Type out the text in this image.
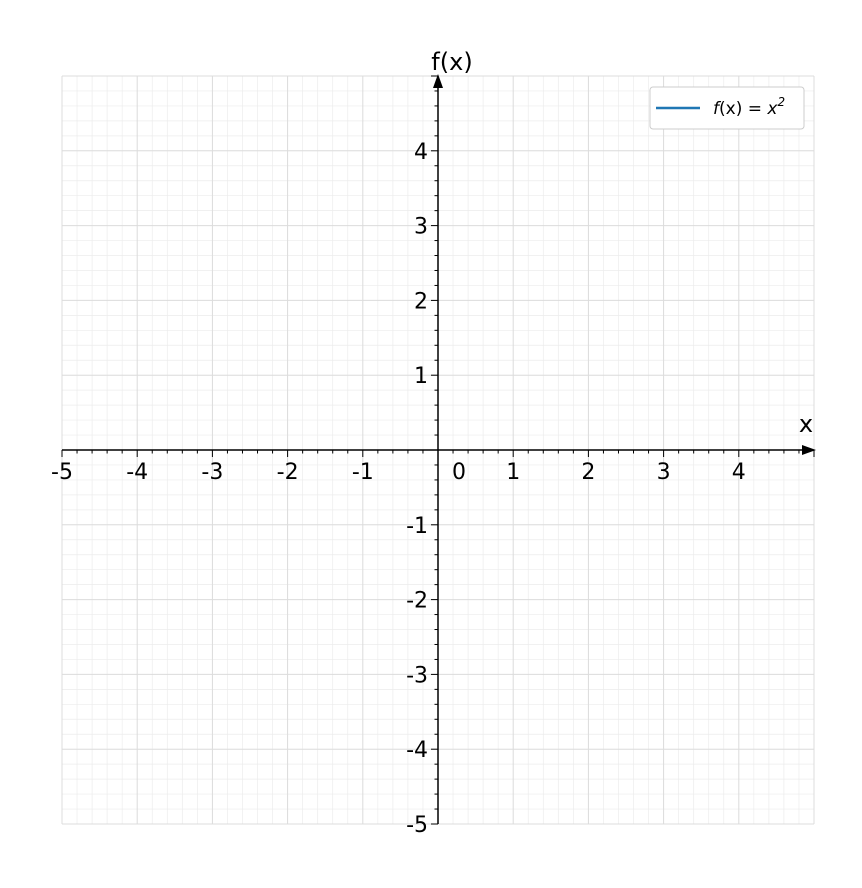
-5 -4 -3 -2 -1	0 1	2	3	4
-5
-4
-3
-2
-1
1
2
3
4
x
f(x)
$f(x) = x^2$
